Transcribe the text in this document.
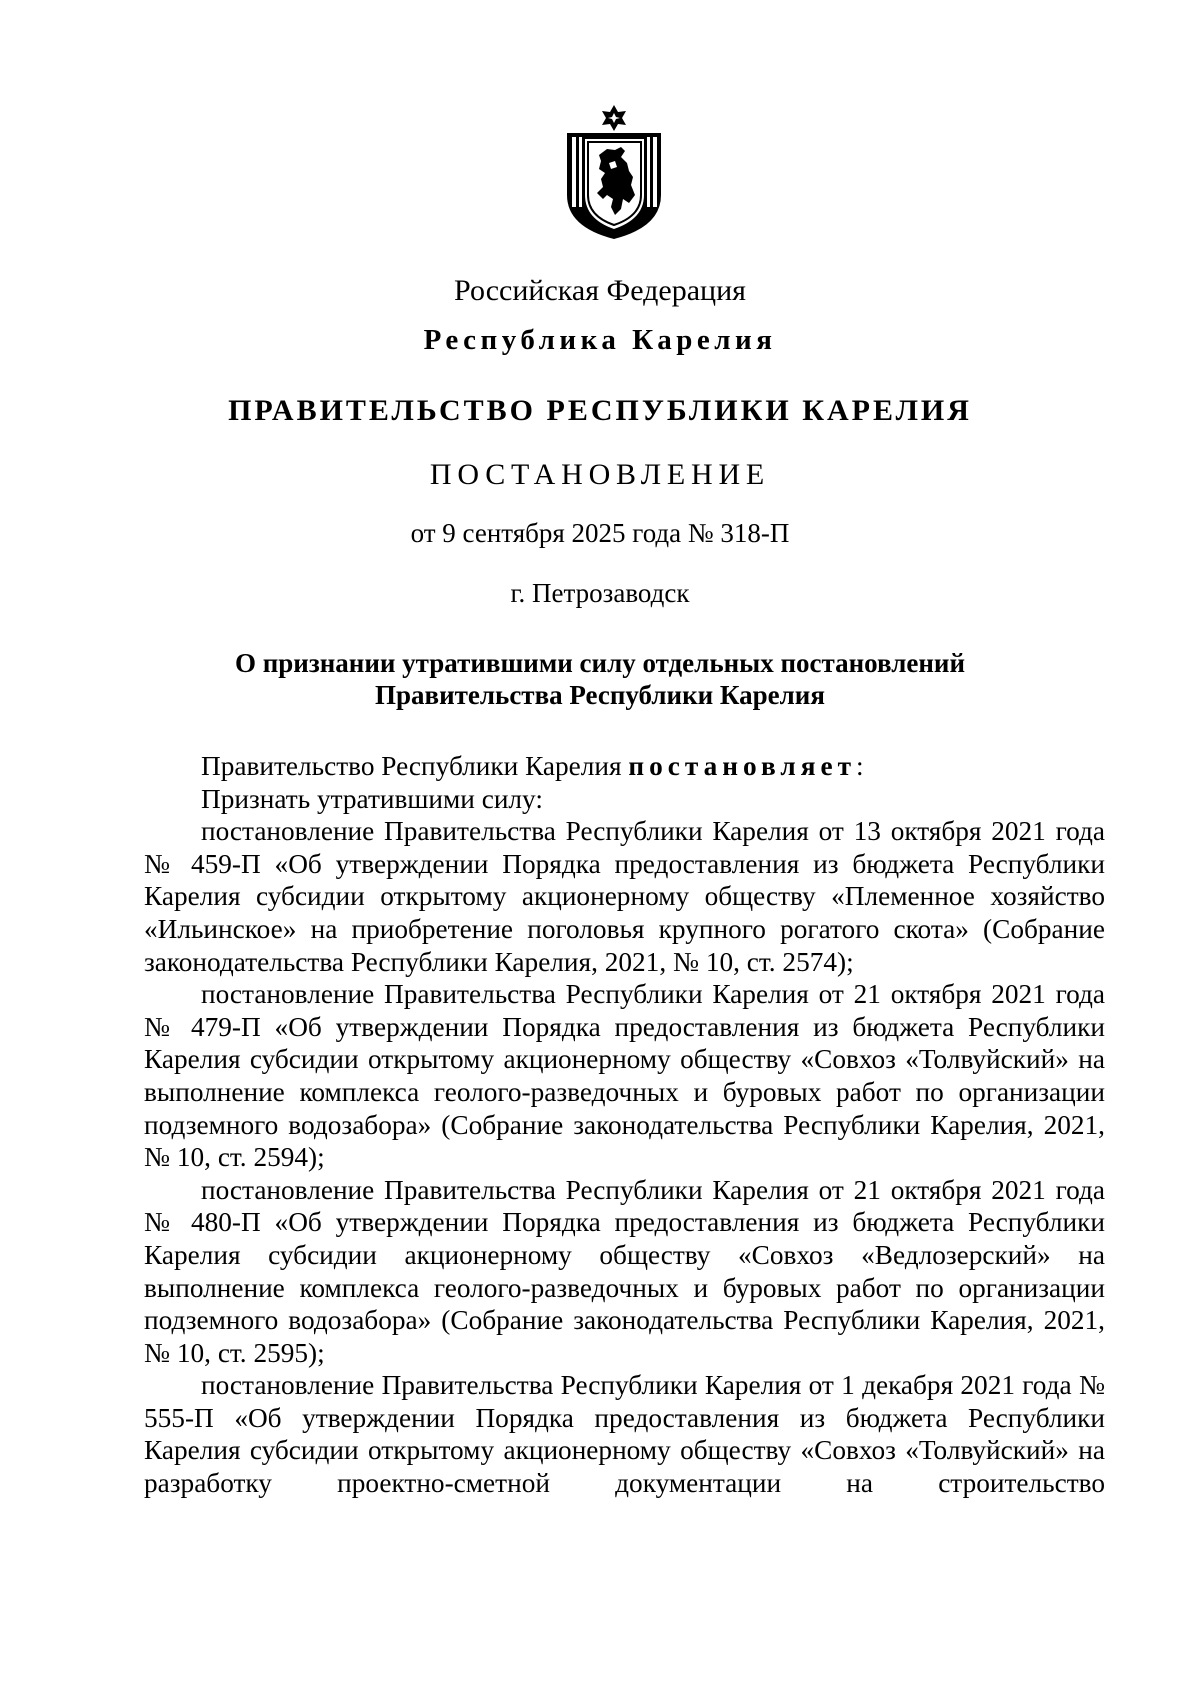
Российская Федерация
Республика Карелия
ПРАВИТЕЛЬСТВО РЕСПУБЛИКИ КАРЕЛИЯ
ПОСТАНОВЛЕНИЕ
от 9 сентября 2025 года № 318-П
г. Петрозаводск
О признании утратившими силу отдельных постановлений
Правительства Республики Карелия

Правительство Республики Карелия постановляет:

Признать утратившими силу:

постановление Правительства Республики Карелия от 13 октября 2021 года № 459-П «Об утверждении Порядка предоставления из бюджета Республики Карелия субсидии открытому акционерному обществу «Племенное хозяйство «Ильинское» на приобретение поголовья крупного рогатого скота» (Собрание законодательства Республики Карелия, 2021, № 10, ст. 2574);

постановление Правительства Республики Карелия от 21 октября 2021 года № 479-П «Об утверждении Порядка предоставления из бюджета Республики Карелия субсидии открытому акционерному обществу «Совхоз «Толвуйский» на выполнение комплекса геолого-разведочных и буровых работ по организации подземного водозабора» (Собрание законодательства Республики Карелия, 2021, № 10, ст. 2594);

постановление Правительства Республики Карелия от 21 октября 2021 года № 480-П «Об утверждении Порядка предоставления из бюджета Республики Карелия субсидии акционерному обществу «Совхоз «Ведлозерский» на выполнение комплекса геолого-разведочных и буровых работ по организации подземного водозабора» (Собрание законодательства Республики Карелия, 2021, № 10, ст. 2595);

постановление Правительства Республики Карелия от 1 декабря 2021 года № 555-П «Об утверждении Порядка предоставления из бюджета Республики Карелия субсидии открытому акционерному обществу «Совхоз «Толвуйский» на разработку проектно-сметной документации на строительство
